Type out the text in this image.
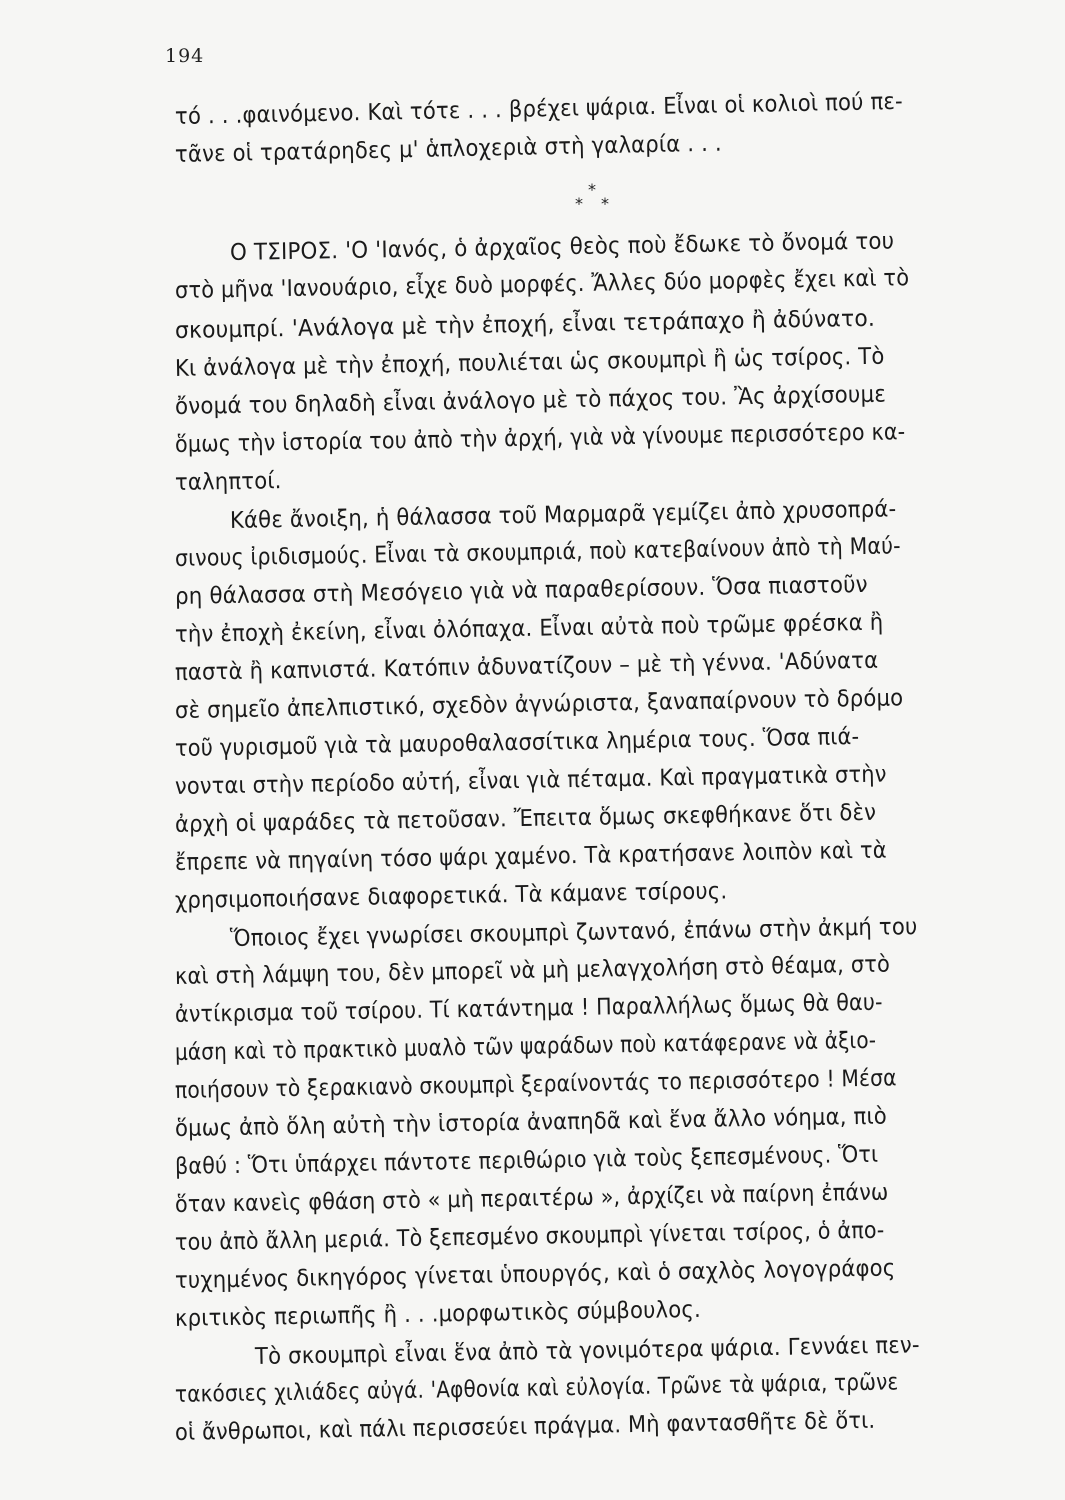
194
*
* *
τό . . .φαινόμενο. Καὶ τότε . . . βρέχει ψάρια. Εἶναι οἱ κολιοὶ πού πε-
τᾶνε οἱ τρατάρηδες μ' ἁπλοχεριὰ στὴ γαλαρία . . .
Ο ΤΣΙΡΟΣ. 'Ο 'Ιανός, ὁ ἀρχαῖος θεὸς ποὺ ἔδωκε τὸ ὄνομά του
στὸ μῆνα 'Ιανουάριο, εἶχε δυὸ μορφές. Ἄλλες δύο μορφὲς ἔχει καὶ τὸ
σκουμπρί. 'Ανάλογα μὲ τὴν ἐποχή, εἶναι τετράπαχο ἢ ἀδύνατο.
Κι ἀνάλογα μὲ τὴν ἐποχή, πουλιέται ὡς σκουμπρὶ ἢ ὡς τσίρος. Τὸ
ὄνομά του δηλαδὴ εἶναι ἀνάλογο μὲ τὸ πάχος του. Ἂς ἀρχίσουμε
ὅμως τὴν ἱστορία του ἀπὸ τὴν ἀρχή, γιὰ νὰ γίνουμε περισσότερο κα-
ταληπτοί.
Κάθε ἄνοιξη, ἡ θάλασσα τοῦ Μαρμαρᾶ γεμίζει ἀπὸ χρυσοπρά-
σινους ἰριδισμούς. Εἶναι τὰ σκουμπριά, ποὺ κατεβαίνουν ἀπὸ τὴ Μαύ-
ρη θάλασσα στὴ Μεσόγειο γιὰ νὰ παραθερίσουν. Ὅσα πιαστοῦν
τὴν ἐποχὴ ἐκείνη, εἶναι ὀλόπαχα. Εἶναι αὐτὰ ποὺ τρῶμε φρέσκα ἢ
παστὰ ἢ καπνιστά. Κατόπιν ἀδυνατίζουν – μὲ τὴ γέννα. 'Αδύνατα
σὲ σημεῖο ἀπελπιστικό, σχεδὸν ἀγνώριστα, ξαναπαίρνουν τὸ δρόμο
τοῦ γυρισμοῦ γιὰ τὰ μαυροθαλασσίτικα λημέρια τους. Ὅσα πιά-
νονται στὴν περίοδο αὐτή, εἶναι γιὰ πέταμα. Καὶ πραγματικὰ στὴν
ἀρχὴ οἱ ψαράδες τὰ πετοῦσαν. Ἔπειτα ὅμως σκεφθήκανε ὅτι δὲν
ἔπρεπε νὰ πηγαίνη τόσο ψάρι χαμένο. Τὰ κρατήσανε λοιπὸν καὶ τὰ
χρησιμοποιήσανε διαφορετικά. Τὰ κάμανε τσίρους.
Ὅποιος ἔχει γνωρίσει σκουμπρὶ ζωντανό, ἐπάνω στὴν ἀκμή του
καὶ στὴ λάμψη του, δὲν μπορεῖ νὰ μὴ μελαγχολήση στὸ θέαμα, στὸ
ἀντίκρισμα τοῦ τσίρου. Τί κατάντημα ! Παραλλήλως ὅμως θὰ θαυ-
μάση καὶ τὸ πρακτικὸ μυαλὸ τῶν ψαράδων ποὺ κατάφερανε νὰ ἀξιο-
ποιήσουν τὸ ξερακιανὸ σκουμπρὶ ξεραίνοντάς το περισσότερο ! Μέσα
ὅμως ἀπὸ ὅλη αὐτὴ τὴν ἱστορία ἀναπηδᾶ καὶ ἕνα ἄλλο νόημα, πιὸ
βαθύ : Ὅτι ὑπάρχει πάντοτε περιθώριο γιὰ τοὺς ξεπεσμένους. Ὅτι
ὅταν κανεὶς φθάση στὸ « μὴ περαιτέρω », ἀρχίζει νὰ παίρνη ἐπάνω
του ἀπὸ ἄλλη μεριά. Τὸ ξεπεσμένο σκουμπρὶ γίνεται τσίρος, ὁ ἀπο-
τυχημένος δικηγόρος γίνεται ὑπουργός, καὶ ὁ σαχλὸς λογογράφος
κριτικὸς περιωπῆς ἢ . . .μορφωτικὸς σύμβουλος.
Τὸ σκουμπρὶ εἶναι ἕνα ἀπὸ τὰ γονιμότερα ψάρια. Γεννάει πεν-
τακόσιες χιλιάδες αὐγά. 'Αφθονία καὶ εὐλογία. Τρῶνε τὰ ψάρια, τρῶνε
οἱ ἄνθρωποι, καὶ πάλι περισσεύει πράγμα. Μὴ φαντασθῆτε δὲ ὅτι.
